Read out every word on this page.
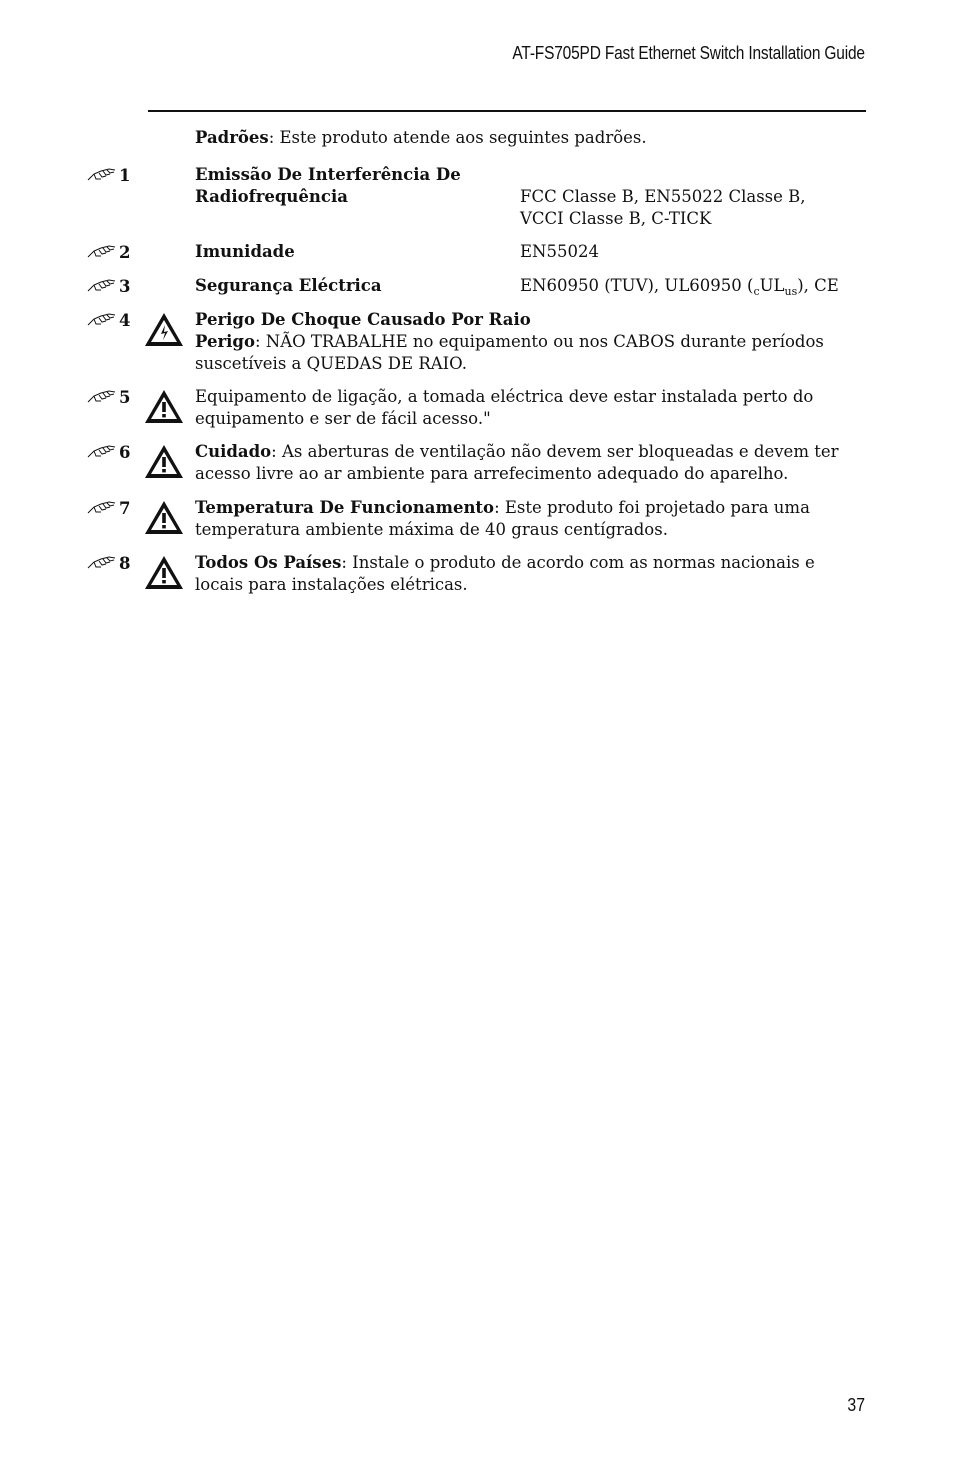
AT-FS705PD Fast Ethernet Switch Installation Guide
Padrões: Este produto atende aos seguintes padrões.
1	Emissão De Interferência De
Radiofrequência	FCC Classe B, EN55022 Classe B,
VCCI Classe B, C-TICK
2	Imunidade	EN55024
3	Segurança Eléctrica	EN60950 (TUV), UL60950 $(_cUL_{us})$, CE
4	Perigo De Choque Causado Por Raio
Perigo: NÃO TRABALHE no equipamento ou nos CABOS durante períodos
suscetíveis a QUEDAS DE RAIO.
5	Equipamento de ligação, a tomada eléctrica deve estar instalada perto do
equipamento e ser de fácil acesso."
6	Cuidado: As aberturas de ventilação não devem ser bloqueadas e devem ter
acesso livre ao ar ambiente para arrefecimento adequado do aparelho.
7	Temperatura De Funcionamento: Este produto foi projetado para uma
temperatura ambiente máxima de 40 graus centígrados.
8	Todos Os Países: Instale o produto de acordo com as normas nacionais e
locais para instalações elétricas.
37
